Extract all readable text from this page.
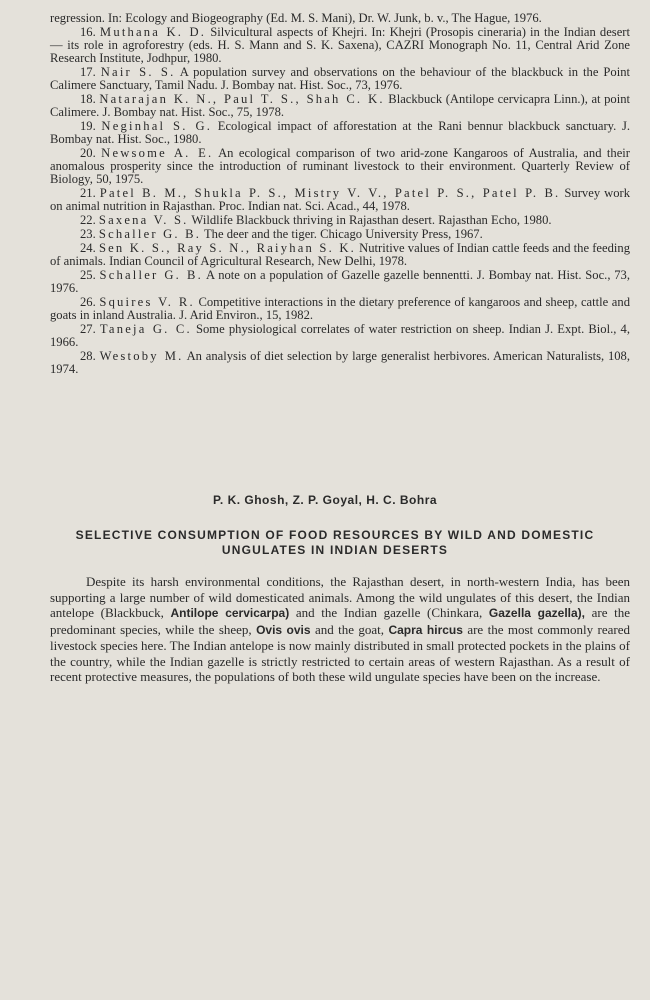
regression. In: Ecology and Biogeography (Ed. M. S. Mani), Dr. W. Junk, b. v., The Hague, 1976.

16. Muthana K. D. Silvicultural aspects of Khejri. In: Khejri (Prosopis cineraria) in the Indian desert — its role in agroforestry (eds. H. S. Mann and S. K. Saxena), CAZRI Monograph No. 11, Central Arid Zone Research Institute, Jodhpur, 1980.

17. Nair S. S. A population survey and observations on the behaviour of the blackbuck in the Point Calimere Sanctuary, Tamil Nadu. J. Bombay nat. Hist. Soc., 73, 1976.

18. Natarajan K. N., Paul T. S., Shah C. K. Blackbuck (Antilope cervicapra Linn.), at point Calimere. J. Bombay nat. Hist. Soc., 75, 1978.

19. Neginhal S. G. Ecological impact of afforestation at the Rani bennur blackbuck sanctuary. J. Bombay nat. Hist. Soc., 1980.

20. Newsome A. E. An ecological comparison of two arid-zone Kangaroos of Australia, and their anomalous prosperity since the introduction of ruminant livestock to their environment. Quarterly Review of Biology, 50, 1975.

21. Patel B. M., Shukla P. S., Mistry V. V., Patel P. S., Patel P. B. Survey work on animal nutrition in Rajasthan. Proc. Indian nat. Sci. Acad., 44, 1978.

22. Saxena V. S. Wildlife Blackbuck thriving in Rajasthan desert. Rajasthan Echo, 1980.

23. Schaller G. B. The deer and the tiger. Chicago University Press, 1967.

24. Sen K. S., Ray S. N., Raiyhan S. K. Nutritive values of Indian cattle feeds and the feeding of animals. Indian Council of Agricultural Research, New Delhi, 1978.

25. Schaller G. B. A note on a population of Gazelle gazelle bennentti. J. Bombay nat. Hist. Soc., 73, 1976.

26. Squires V. R. Competitive interactions in the dietary preference of kangaroos and sheep, cattle and goats in inland Australia. J. Arid Environ., 15, 1982.

27. Taneja G. C. Some physiological correlates of water restriction on sheep. Indian J. Expt. Biol., 4, 1966.

28. Westoby M. An analysis of diet selection by large generalist herbivores. American Naturalists, 108, 1974.

P. K. Ghosh, Z. P. Goyal, H. C. Bohra
SELECTIVE CONSUMPTION OF FOOD RESOURCES BY WILD AND DOMESTIC
UNGULATES IN INDIAN DESERTS

Despite its harsh environmental conditions, the Rajasthan desert, in north-western India, has been supporting a large number of wild domesticated animals. Among the wild ungulates of this desert, the Indian antelope (Blackbuck, Antilope cervicarpa) and the Indian gazelle (Chinkara, Gazella gazella), are the predominant species, while the sheep, Ovis ovis and the goat, Capra hircus are the most commonly reared livestock species here. The Indian antelope is now mainly distributed in small protected pockets in the plains of the country, while the Indian gazelle is strictly restricted to certain areas of western Rajasthan. As a result of recent protective measures, the populations of both these wild ungulate species have been on the increase.
